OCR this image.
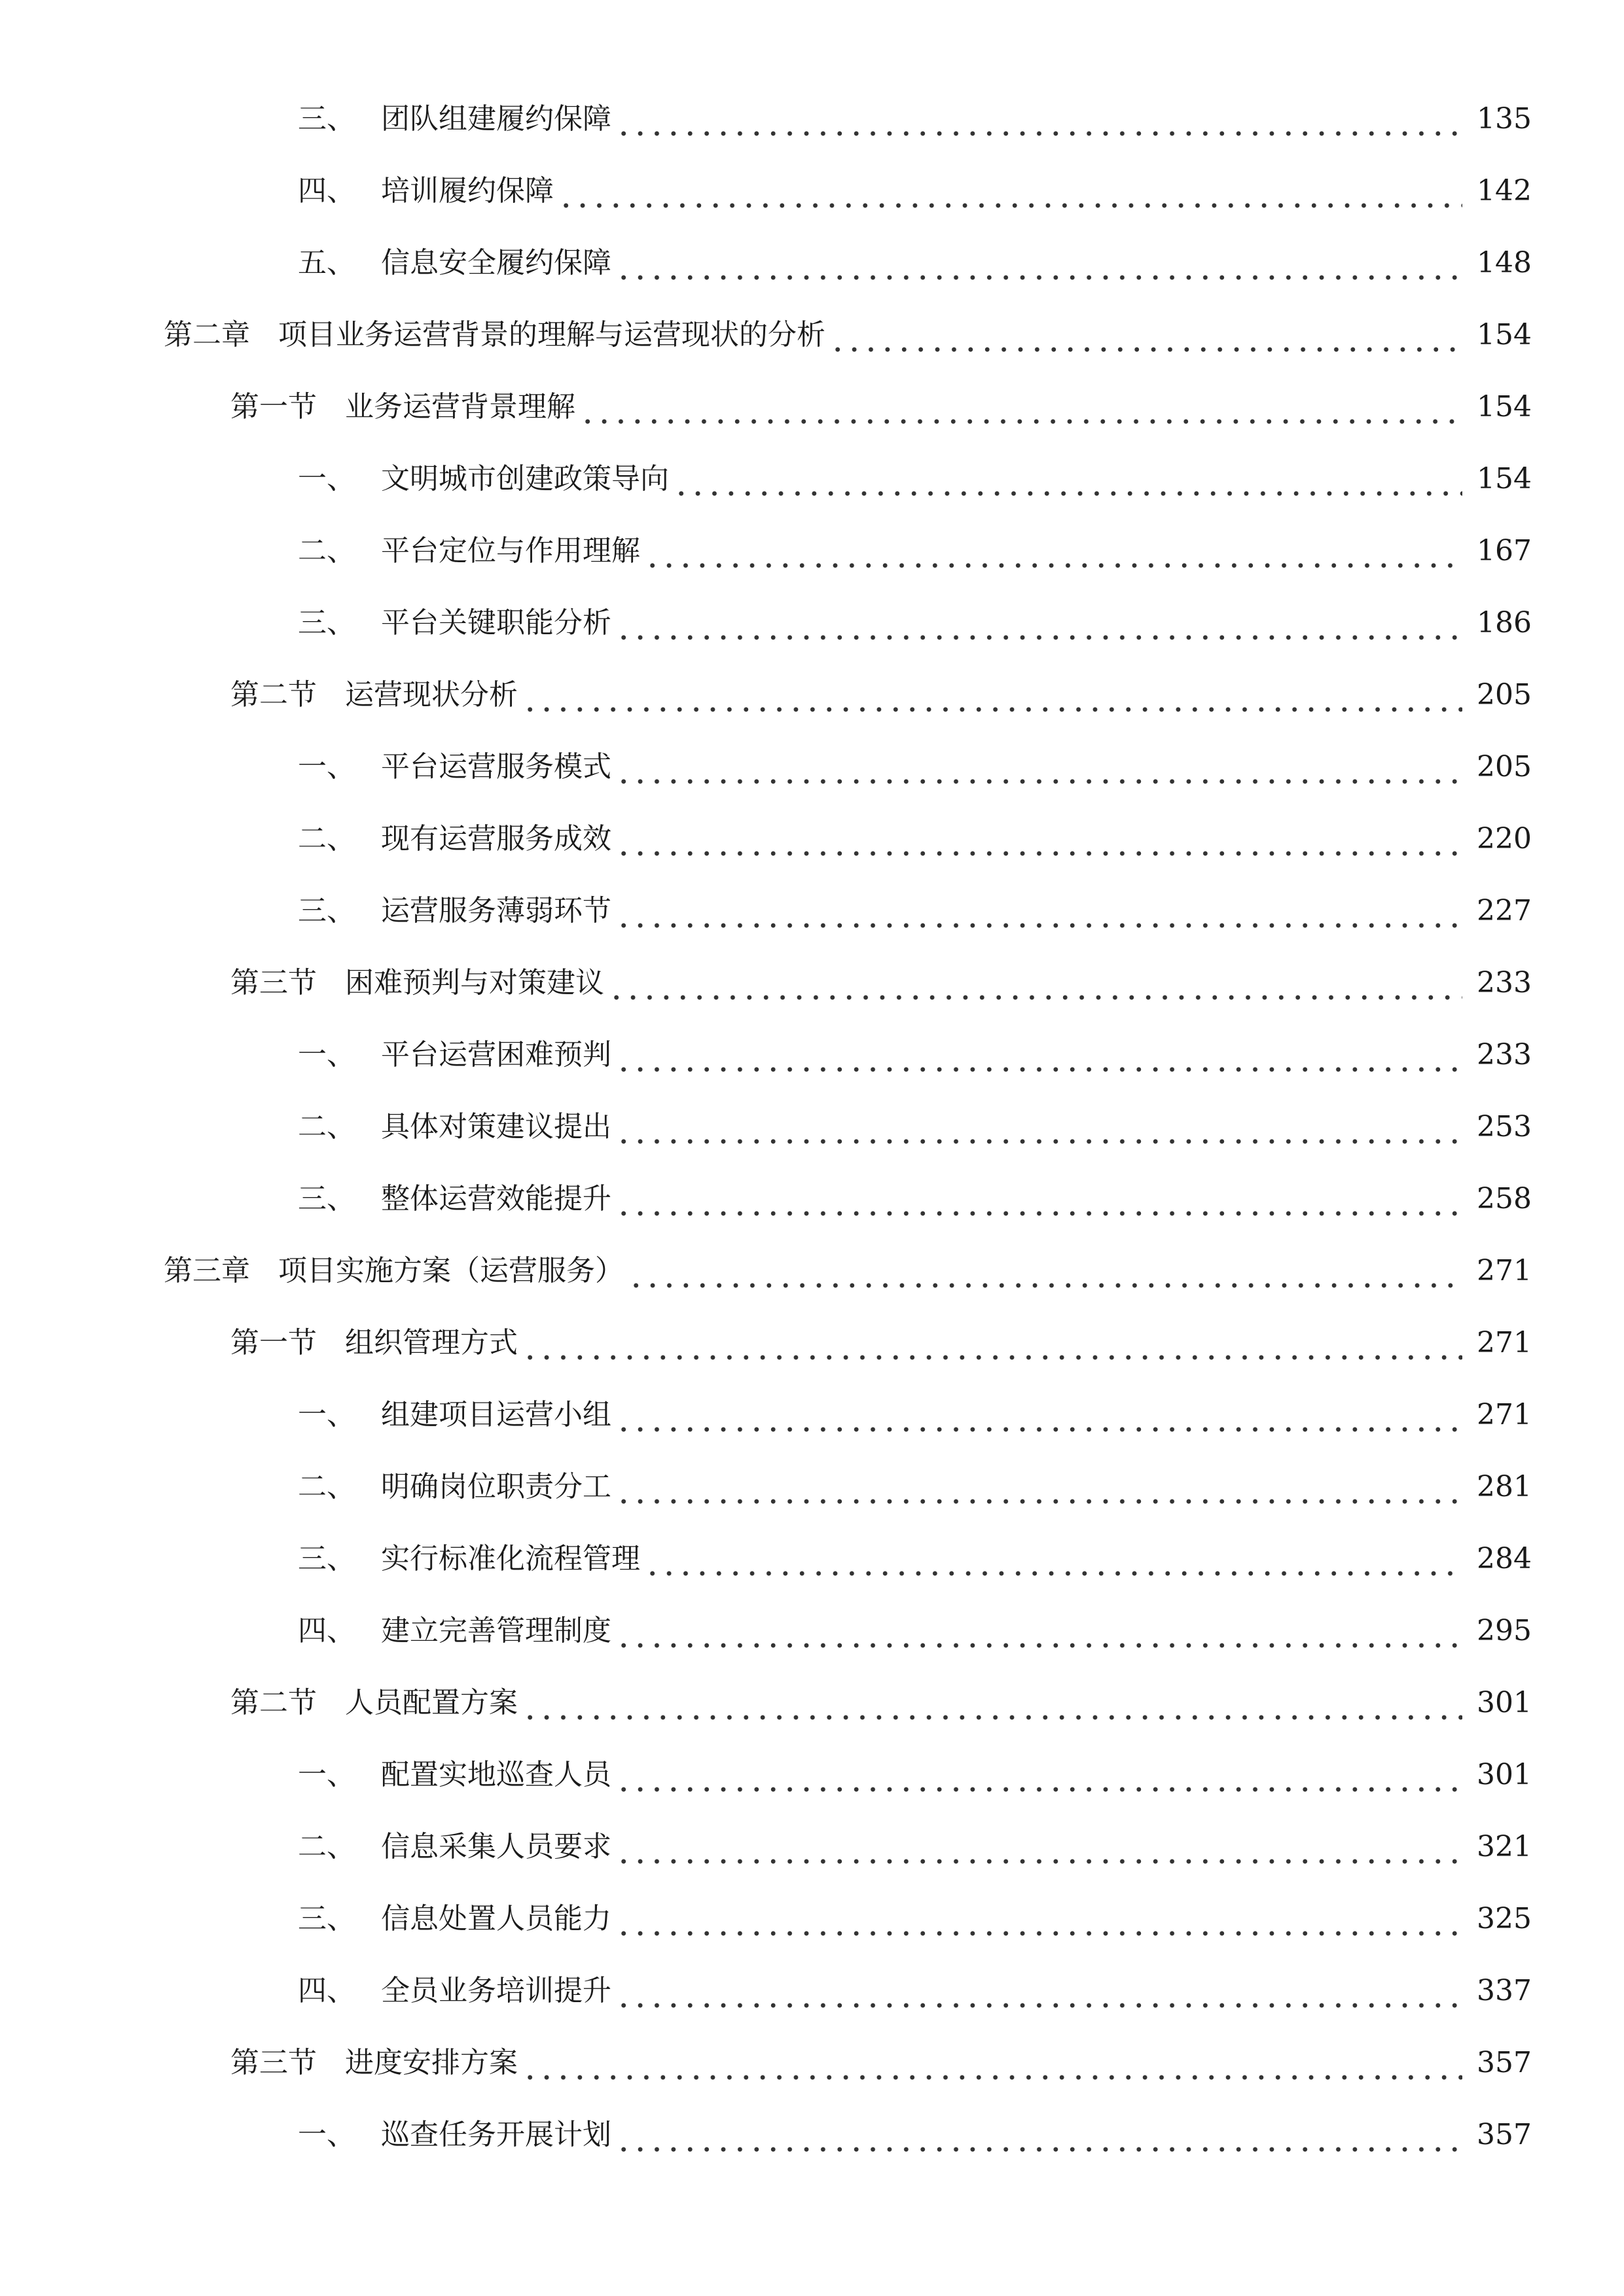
三、 团队组建履约保障	135
四、 培训履约保障	142
五、 信息安全履约保障	148
第二章 项目业务运营背景的理解与运营现状的分析	154
第一节 业务运营背景理解	154
一、 文明城市创建政策导向	154
二、 平台定位与作用理解	167
三、 平台关键职能分析	186
第二节 运营现状分析	205
一、 平台运营服务模式	205
二、 现有运营服务成效	220
三、 运营服务薄弱环节	227
第三节 困难预判与对策建议	233
一、 平台运营困难预判	233
二、 具体对策建议提出	253
三、 整体运营效能提升	258
第三章 项目实施方案（运营服务）	271
第一节 组织管理方式	271
一、 组建项目运营小组	271
二、 明确岗位职责分工	281
三、 实行标准化流程管理	284
四、 建立完善管理制度	295
第二节 人员配置方案	301
一、 配置实地巡查人员	301
二、 信息采集人员要求	321
三、 信息处置人员能力	325
四、 全员业务培训提升	337
第三节 进度安排方案	357
一、 巡查任务开展计划	357
